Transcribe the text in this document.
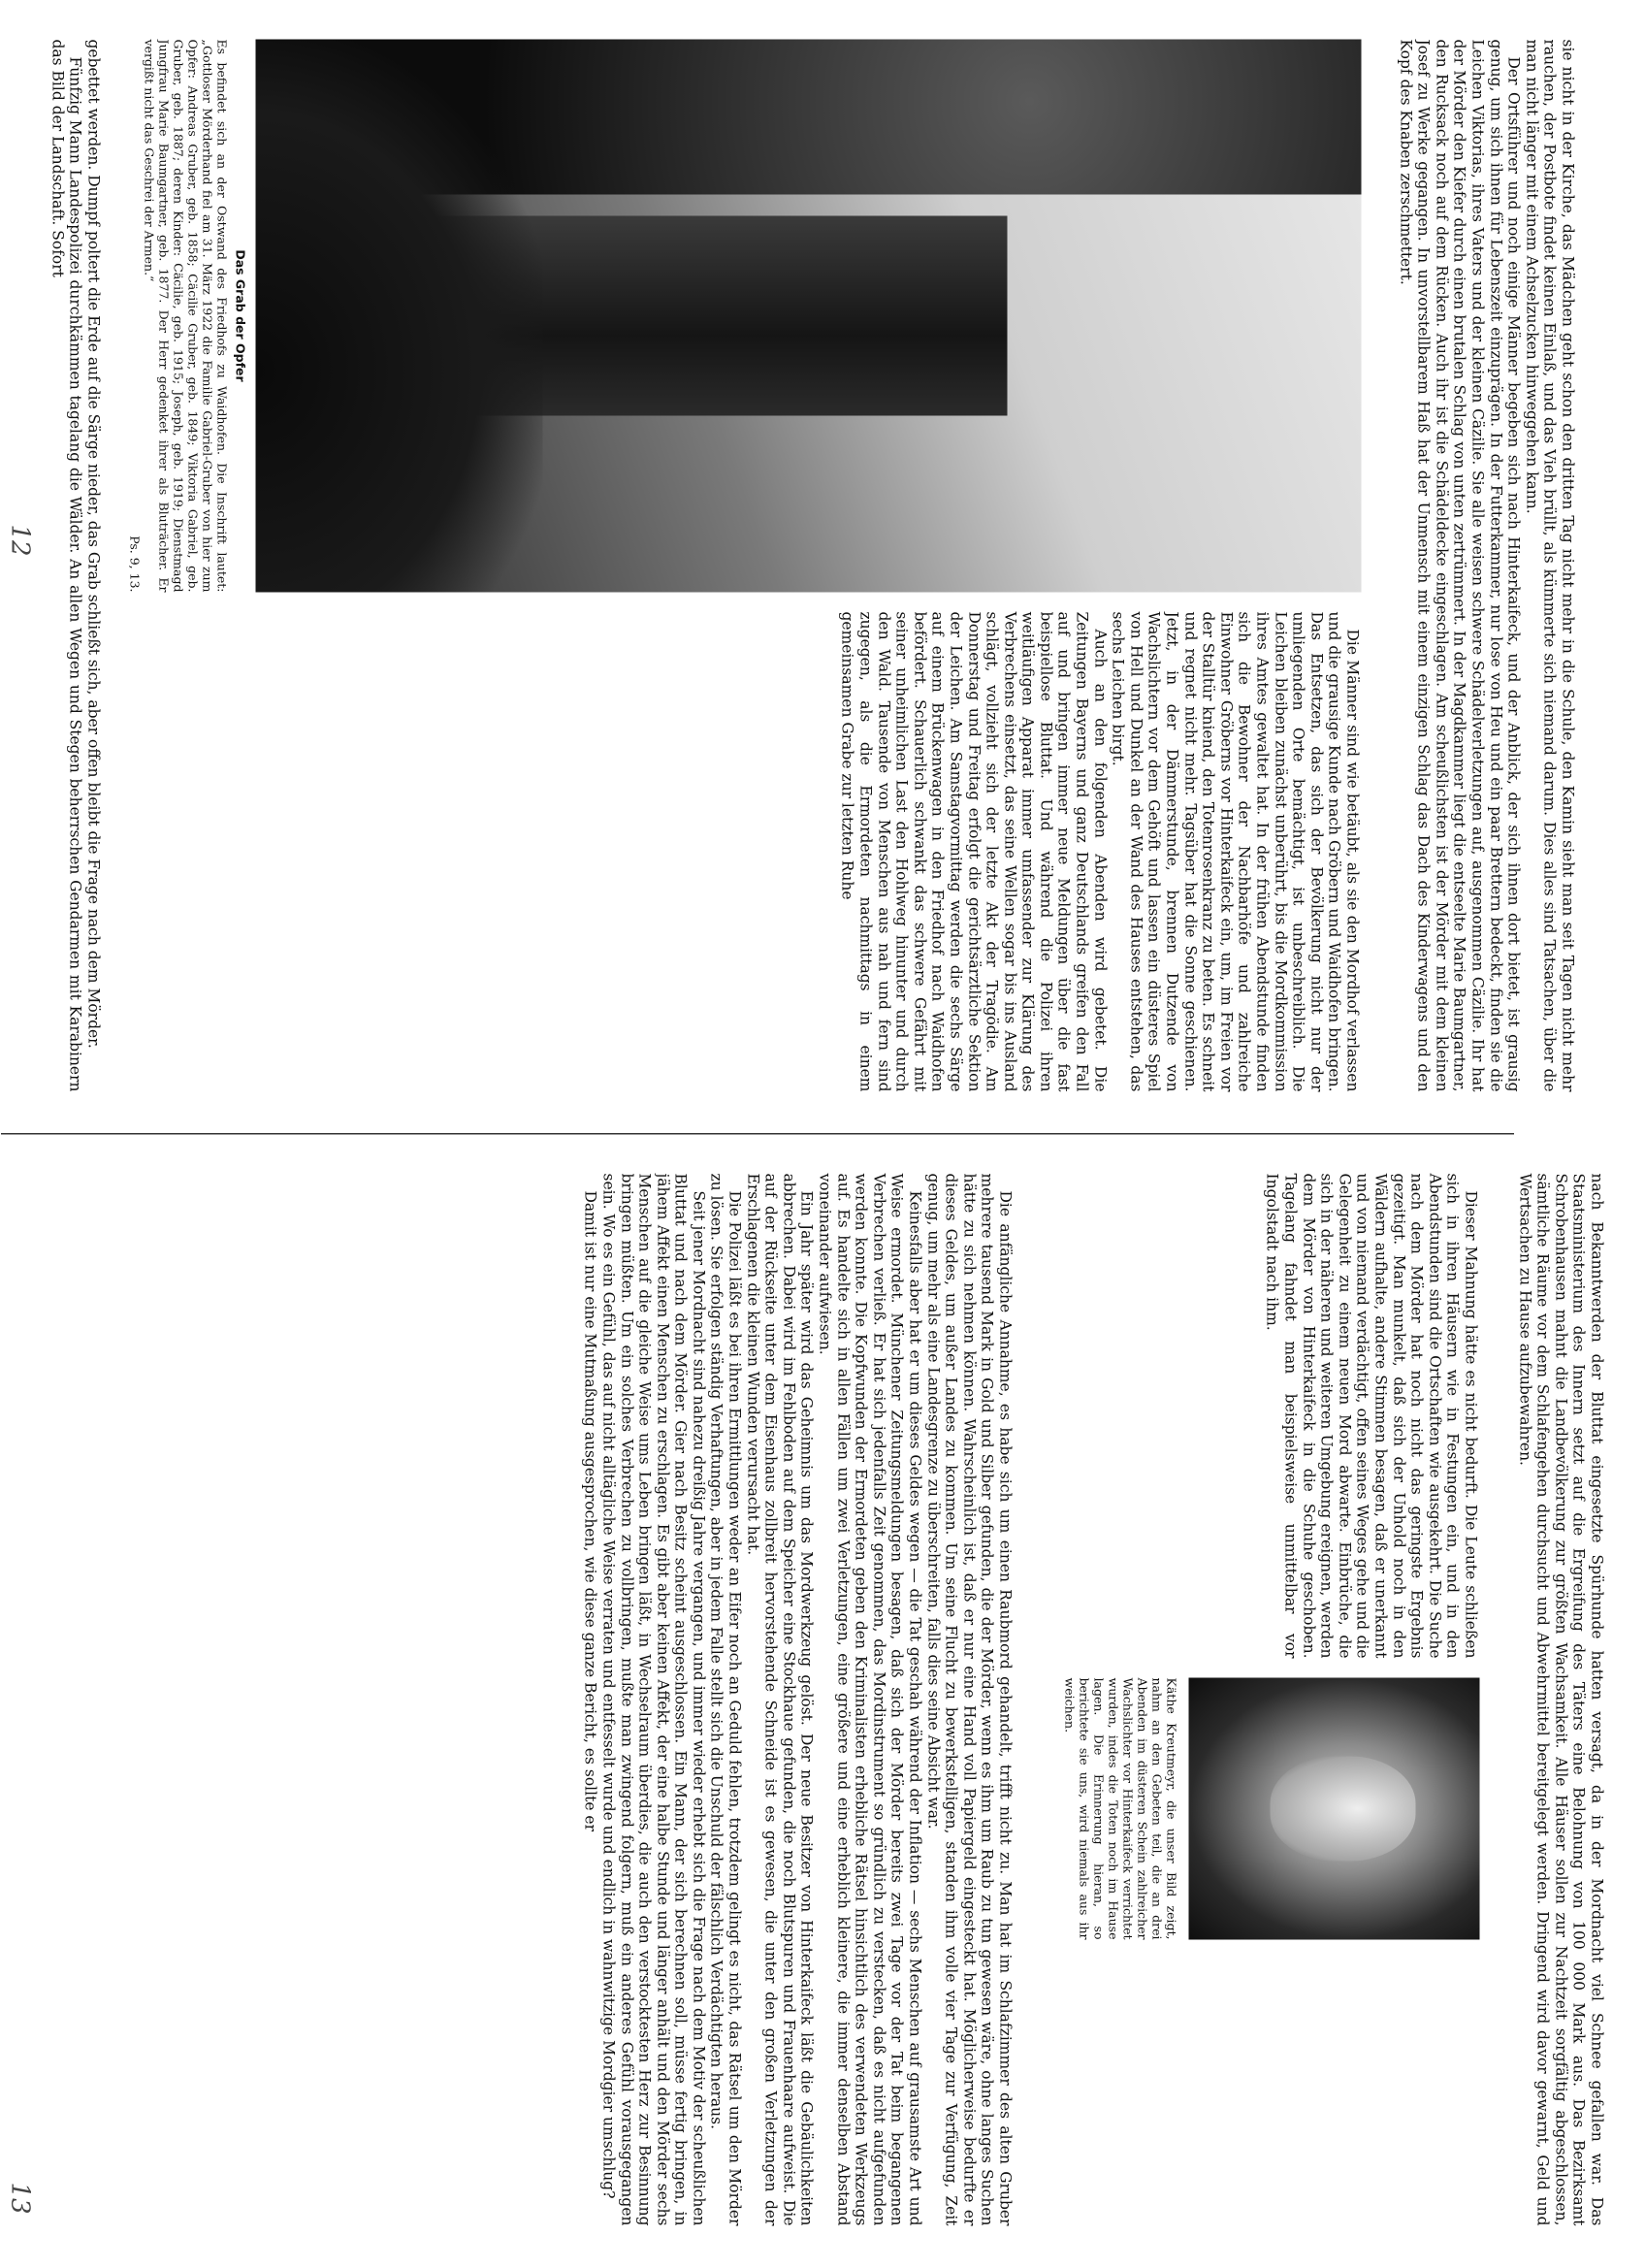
sie nicht in der Kirche, das Mädchen geht schon den dritten Tag nicht mehr in die Schule, den Kamin sieht man seit Tagen nicht mehr rauchen, der Postbote findet keinen Einlaß, und das Vieh brüllt, als kümmerte sich niemand darum. Dies alles sind Tatsachen, über die man nicht länger mit einem Achselzucken hinweggehen kann.

Der Ortsführer und noch einige Männer begeben sich nach Hinterkaifeck, und der Anblick, der sich ihnen dort bietet, ist grausig genug, um sich ihnen für Lebenszeit einzuprägen. In der Futterkammer, nur lose von Heu und ein paar Brettern bedeckt, finden sie die Leichen Viktorias, ihres Vaters und der kleinen Cäzilie. Sie alle weisen schwere Schädelverletzungen auf, ausgenommen Cäzilie. Ihr hat der Mörder den Kiefer durch einen brutalen Schlag von unten zertrümmert. In der Magdkammer liegt die entseelte Marie Baumgartner, den Rucksack noch auf dem Rücken. Auch ihr ist die Schädeldecke eingeschlagen. Am scheußlichsten ist der Mörder mit dem kleinen Josef zu Werke gegangen. In unvorstellbarem Haß hat der Unmensch mit einem einzigen Schlag das Dach des Kinderwagens und den Kopf des Knaben zerschmettert.

Das Grab der Opfer

Es befindet sich an der Ostwand des Friedhofs zu Waidhofen. Die Inschrift lautet: „Gottloser Mörderhand fiel am 31. März 1922 die Familie Gabriel-Gruber von hier zum Opfer: Andreas Gruber, geb. 1858; Cäcilie Gruber, geb. 1849; Viktoria Gabriel, geb. Gruber, geb. 1887; deren Kinder: Cäcilie, geb. 1915; Joseph, geb. 1919; Dienstmagd Jungfrau Marie Baumgartner, geb. 1877. Der Herr gedenket ihrer als Bluträcher. Er vergißt nicht das Geschrei der Armen.“

Ps. 9, 13.

Die Männer sind wie betäubt, als sie den Mordhof verlassen und die grausige Kunde nach Gröbern und Waidhofen bringen. Das Entsetzen, das sich der Bevölkerung nicht nur der umliegenden Orte bemächtigt, ist unbeschreiblich. Die Leichen bleiben zunächst unberührt, bis die Mordkommission ihres Amtes gewaltet hat. In der frühen Abendstunde finden sich die Bewohner der Nachbarhöfe und zahlreiche Einwohner Gröberns vor Hinterkaifeck ein, um, im Freien vor der Stalltür kniend, den Totenrosenkranz zu beten. Es schneit und regnet nicht mehr. Tagsüber hat die Sonne geschienen. Jetzt, in der Dämmerstunde, brennen Dutzende von Wachslichtern vor dem Gehöft und lassen ein düsteres Spiel von Hell und Dunkel an der Wand des Hauses entstehen, das sechs Leichen birgt.

Auch an den folgenden Abenden wird gebetet. Die Zeitungen Bayerns und ganz Deutschlands greifen den Fall auf und bringen immer neue Meldungen über die fast beispiellose Bluttat. Und während die Polizei ihren weitläufigen Apparat immer umfassender zur Klärung des Verbrechens einsetzt, das seine Wellen sogar bis ins Ausland schlägt, vollzieht sich der letzte Akt der Tragödie. Am Donnerstag und Freitag erfolgt die gerichtsärztliche Sektion der Leichen. Am Samstagvormittag werden die sechs Särge auf einem Brückenwagen in den Friedhof nach Waidhofen befördert. Schauerlich schwankt das schwere Gefährt mit seiner unheimlichen Last den Hohlweg hinunter und durch den Wald. Tausende von Menschen aus nah und fern sind zugegen, als die Ermordeten nachmittags in einem gemeinsamen Grabe zur letzten Ruhe

gebettet werden. Dumpf poltert die Erde auf die Särge nieder, das Grab schließt sich, aber offen bleibt die Frage nach dem Mörder.

Fünfzig Mann Landespolizei durchkämmen tagelang die Wälder. An allen Wegen und Stegen beherrschen Gendarmen mit Karabinern das Bild der Landschaft. Sofort

12

nach Bekanntwerden der Bluttat eingesetzte Spürhunde hatten versagt, da in der Mordnacht viel Schnee gefallen war. Das Staatsministerium des Innern setzt auf die Ergreifung des Täters eine Belohnung von 100 000 Mark aus. Das Bezirksamt Schrobenhausen mahnt die Landbevölkerung zur größten Wachsamkeit. Alle Häuser sollen zur Nachtzeit sorgfältig abgeschlossen, sämtliche Räume vor dem Schlafengehen durchsucht und Abwehrmittel bereitgelegt werden. Dringend wird davor gewarnt, Geld und Wertsachen zu Hause aufzubewahren.

Dieser Mahnung hätte es nicht bedurft. Die Leute schließen sich in ihren Häusern wie in Festungen ein, und in den Abendstunden sind die Ortschaften wie ausgekehrt. Die Suche nach dem Mörder hat noch nicht das geringste Ergebnis gezeitigt. Man munkelt, daß sich der Unhold noch in den Wäldern aufhalte, andere Stimmen besagen, daß er unerkannt und von niemand verdächtigt, offen seines Weges gehe und die Gelegenheit zu einem neuen Mord abwarte. Einbrüche, die sich in der näheren und weiteren Umgebung ereignen, werden dem Mörder von Hinterkaifeck in die Schuhe geschoben. Tagelang fahndet man beispielsweise unmittelbar vor Ingolstadt nach ihm.

Käthe Kreutmeyr, die unser Bild zeigt, nahm an den Gebeten teil, die an drei Abenden im düsteren Schein zahlreicher Wachslichter vor Hinterkaifeck verrichtet wurden, indes die Toten noch im Hause lagen. Die Erinnerung hieran, so berichtete sie uns, wird niemals aus ihr weichen.

Die anfängliche Annahme, es habe sich um einen Raubmord gehandelt, trifft nicht zu. Man hat im Schlafzimmer des alten Gruber mehrere tausend Mark in Gold und Silber gefunden, die der Mörder, wenn es ihm um Raub zu tun gewesen wäre, ohne langes Suchen hätte zu sich nehmen können. Wahrscheinlich ist, daß er nur eine Hand voll Papiergeld eingesteckt hat. Möglicherweise bedurfte er dieses Geldes, um außer Landes zu kommen. Um seine Flucht zu bewerkstelligen, standen ihm volle vier Tage zur Verfügung, Zeit genug, um mehr als eine Landesgrenze zu überschreiten, falls dies seine Absicht war.

Keinesfalls aber hat er um dieses Geldes wegen — die Tat geschah während der Inflation — sechs Menschen auf grausamste Art und Weise ermordet. Münchener Zeitungsmeldungen besagen, daß sich der Mörder bereits zwei Tage vor der Tat beim begangenen Verbrechen verließ. Er hat sich jedenfalls Zeit genommen, das Mordinstrument so gründlich zu verstecken, daß es nicht aufgefunden werden konnte. Die Kopfwunden der Ermordeten geben den Kriminalisten erhebliche Rätsel hinsichtlich des verwendeten Werkzeugs auf. Es handelte sich in allen Fällen um zwei Verletzungen, eine größere und eine erheblich kleinere, die immer denselben Abstand voneinander aufwiesen.

Ein Jahr später wird das Geheimnis um das Mordwerkzeug gelöst. Der neue Besitzer von Hinterkaifeck läßt die Gebäulichkeiten abbrechen. Dabei wird im Fehlboden auf dem Speicher eine Stockhaue gefunden, die noch Blutspuren und Frauenhaare aufweist. Die auf der Rückseite unter dem Eisenhaus zollbreit hervorstehende Schneide ist es gewesen, die unter den großen Verletzungen der Erschlagenen die kleinen Wunden verursacht hat.

Die Polizei läßt es bei ihren Ermittlungen weder an Eifer noch an Geduld fehlen, trotzdem gelingt es nicht, das Rätsel um den Mörder zu lösen. Sie erfolgen ständig Verhaftungen, aber in jedem Falle stellt sich die Unschuld der fälschlich Verdächtigten heraus.

Seit jener Mordnacht sind nahezu dreißig Jahre vergangen, und immer wieder erhebt sich die Frage nach dem Motiv der scheußlichen Bluttat und nach dem Mörder. Gier nach Besitz scheint ausgeschlossen. Ein Mann, der sich berechnen soll, müsse fertig bringen, in jähem Affekt einen Menschen zu erschlagen. Es gibt aber keinen Affekt, der eine halbe Stunde und länger anhält und den Mörder sechs Menschen auf die gleiche Weise ums Leben bringen läßt, in Wechselraum überdies, die auch den verstocktesten Herz zur Besinnung bringen müßten. Um ein solches Verbrechen zu vollbringen, mußte man zwingend folgern, muß ein anderes Gefühl vorausgegangen sein. Wo es ein Gefühl, das auf nicht alltägliche Weise verraten und entfesselt wurde und endlich in wahnwitzige Mordgier umschlug?

Damit ist nur eine Mutmaßung ausgesprochen, wie diese ganze Bericht, es sollte er

13
